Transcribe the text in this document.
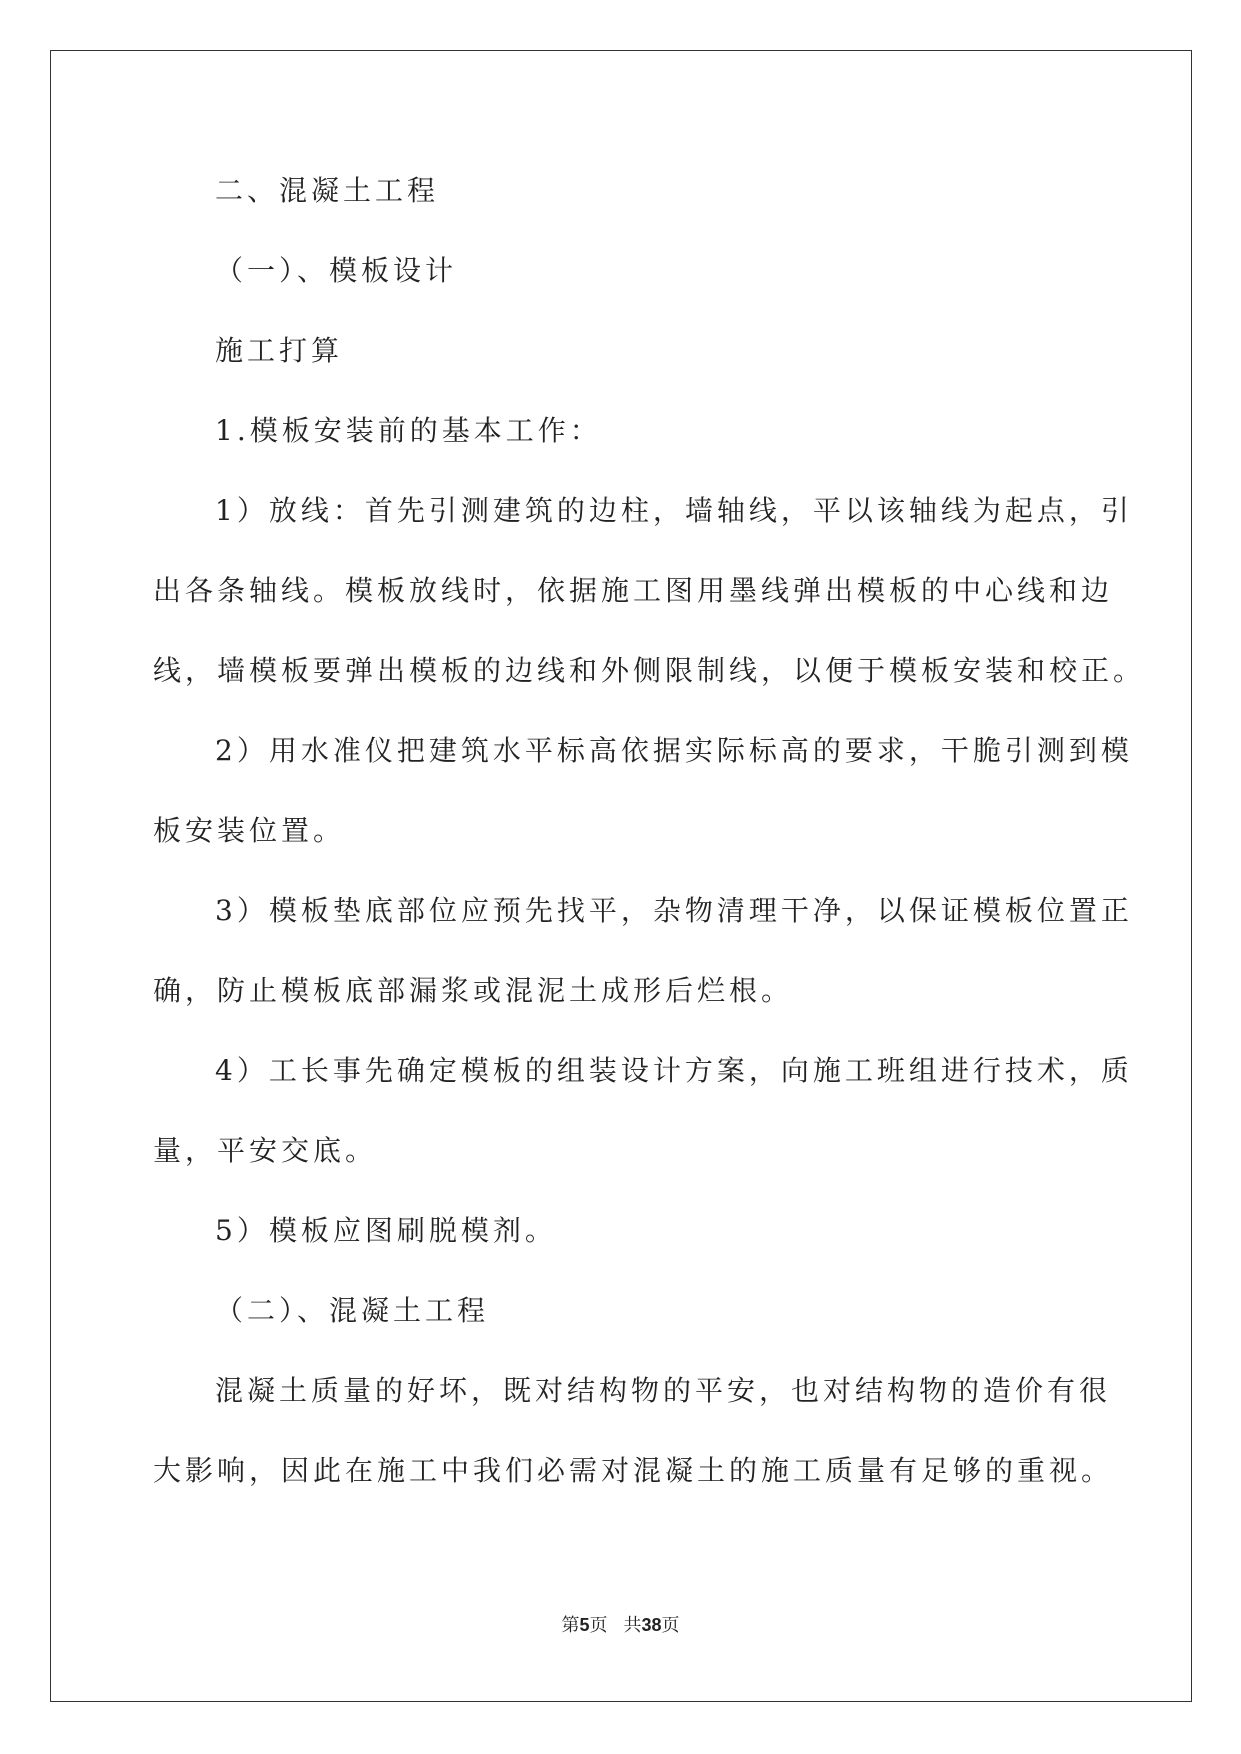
二、混凝土工程
（一）、模板设计
施工打算
1.模板安装前的基本工作：
1）放线：首先引测建筑的边柱，墙轴线，平以该轴线为起点，引
出各条轴线。模板放线时，依据施工图用墨线弹出模板的中心线和边
线，墙模板要弹出模板的边线和外侧限制线，以便于模板安装和校正。
2）用水准仪把建筑水平标高依据实际标高的要求，干脆引测到模
板安装位置。
3）模板垫底部位应预先找平，杂物清理干净，以保证模板位置正
确，防止模板底部漏浆或混泥土成形后烂根。
4）工长事先确定模板的组装设计方案，向施工班组进行技术，质
量，平安交底。
5）模板应图刷脱模剂。
（二）、混凝土工程
混凝土质量的好坏，既对结构物的平安，也对结构物的造价有很
大影响，因此在施工中我们必需对混凝土的施工质量有足够的重视。
第5页 共38页
